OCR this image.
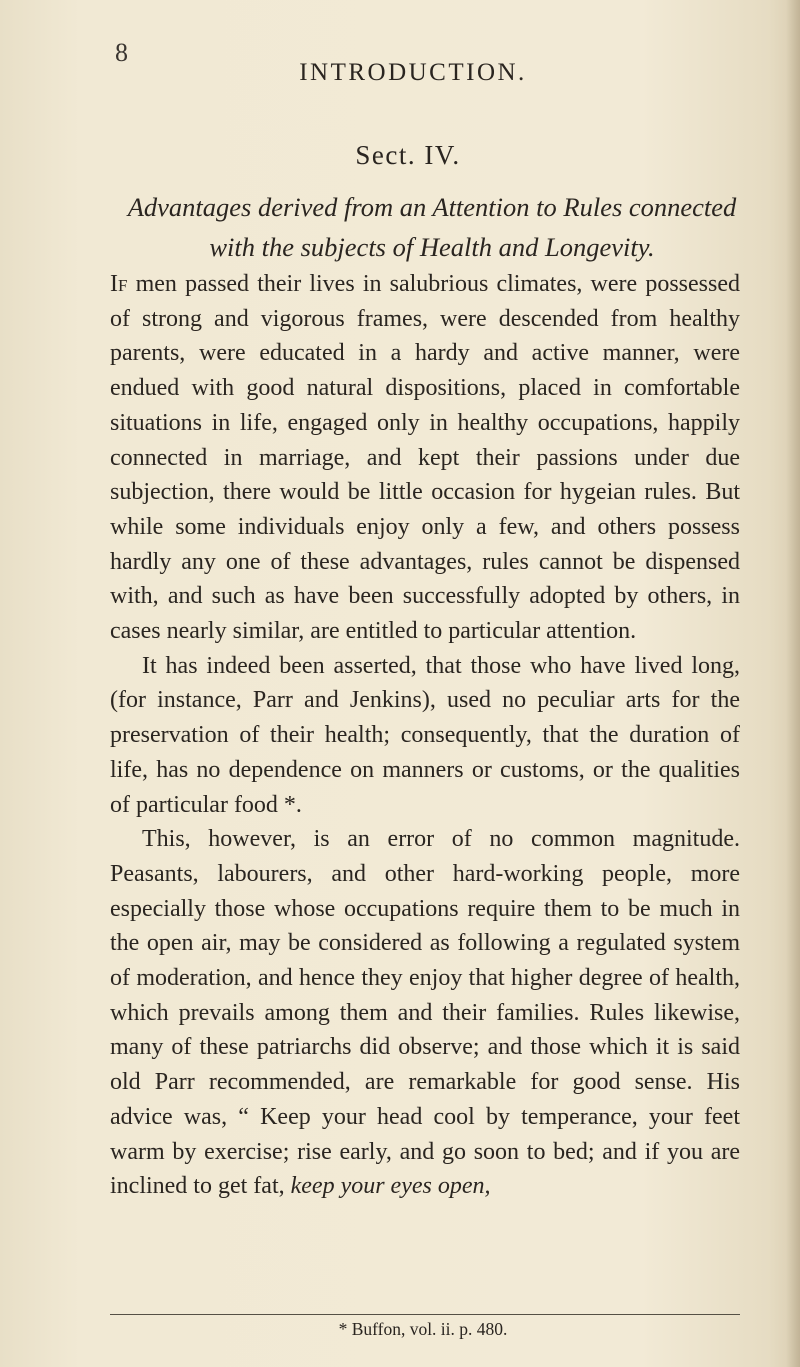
8
INTRODUCTION.
Sect. IV.
Advantages derived from an Attention to Rules connected with the subjects of Health and Longevity.

If men passed their lives in salubrious climates, were possessed of strong and vigorous frames, were descended from healthy parents, were educated in a hardy and active manner, were endued with good natural dispositions, placed in comfortable situations in life, engaged only in healthy occupations, happily connected in marriage, and kept their passions under due subjection, there would be little occasion for hygeian rules. But while some individuals enjoy only a few, and others possess hardly any one of these advantages, rules cannot be dispensed with, and such as have been successfully adopted by others, in cases nearly similar, are entitled to particular attention.

It has indeed been asserted, that those who have lived long, (for instance, Parr and Jenkins), used no peculiar arts for the preservation of their health; consequently, that the duration of life, has no dependence on manners or customs, or the qualities of particular food *.

This, however, is an error of no common magnitude. Peasants, labourers, and other hard-working people, more especially those whose occupations require them to be much in the open air, may be considered as following a regulated system of moderation, and hence they enjoy that higher degree of health, which prevails among them and their families. Rules likewise, many of these patriarchs did observe; and those which it is said old Parr recommended, are remarkable for good sense. His advice was, “ Keep your head cool by temperance, your feet warm by exercise; rise early, and go soon to bed; and if you are inclined to get fat, keep your eyes open,

* Buffon, vol. ii. p. 480.
